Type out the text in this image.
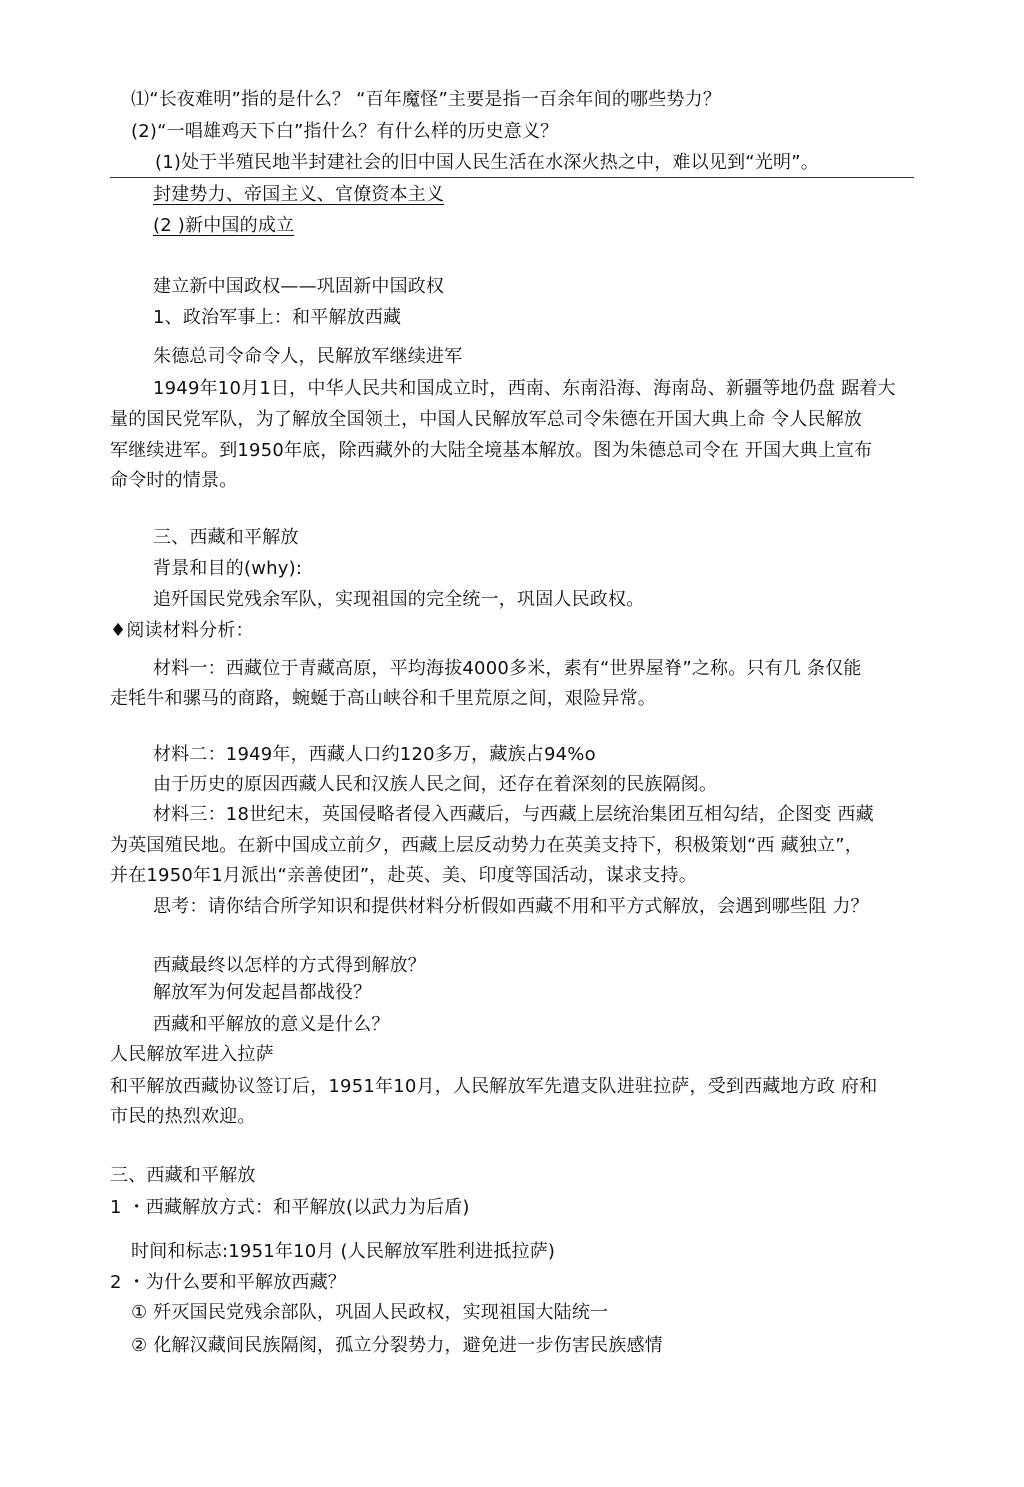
⑴“长夜难明”指的是什么？ “百年魔怪”主要是指一百余年间的哪些势力？
(2)“一唱雄鸡天下白”指什么？有什么样的历史意义？
(1)处于半殖民地半封建社会的旧中国人民生活在水深火热之中，难以见到“光明”。
封建势力、帝国主义、官僚资本主义
(2 )新中国的成立
建立新中国政权——巩固新中国政权
1、政治军事上：和平解放西藏
朱德总司令命令人，民解放军继续进军
1949年10月1日，中华人民共和国成立时，西南、东南沿海、海南岛、新疆等地仍盘 踞着大
量的国民党军队，为了解放全国领土，中国人民解放军总司令朱德在开国大典上命 令人民解放
军继续进军。到1950年底，除西藏外的大陆全境基本解放。图为朱德总司令在 开国大典上宣布
命令时的情景。
三、西藏和平解放
背景和目的(why):
追歼国民党残余军队，实现祖国的完全统一，巩固人民政权。
♦阅读材料分析：
材料一：西藏位于青藏高原，平均海拔4000多米，素有“世界屋脊”之称。只有几 条仅能
走牦牛和骡马的商路，蜿蜒于高山峡谷和千里荒原之间，艰险异常。
材料二：1949年，西藏人口约120多万，藏族占94%o
由于历史的原因西藏人民和汉族人民之间，还存在着深刻的民族隔阂。
材料三：18世纪末，英国侵略者侵入西藏后，与西藏上层统治集团互相勾结，企图变 西藏
为英国殖民地。在新中国成立前夕，西藏上层反动势力在英美支持下，积极策划“西 藏独立”，
并在1950年1月派出“亲善使团”，赴英、美、印度等国活动，谋求支持。
思考：请你结合所学知识和提供材料分析假如西藏不用和平方式解放，会遇到哪些阻 力？
西藏最终以怎样的方式得到解放？
解放军为何发起昌都战役？
西藏和平解放的意义是什么？
人民解放军进入拉萨
和平解放西藏协议签订后，1951年10月，人民解放军先遣支队进驻拉萨，受到西藏地方政 府和
市民的热烈欢迎。
三、西藏和平解放
1 ・西藏解放方式：和平解放(以武力为后盾)
时间和标志:1951年10月 (人民解放军胜利进抵拉萨)
2 ・为什么要和平解放西藏？
① 歼灭国民党残余部队，巩固人民政权，实现祖国大陆统一
② 化解汉藏间民族隔阂，孤立分裂势力，避免进一步伤害民族感情
